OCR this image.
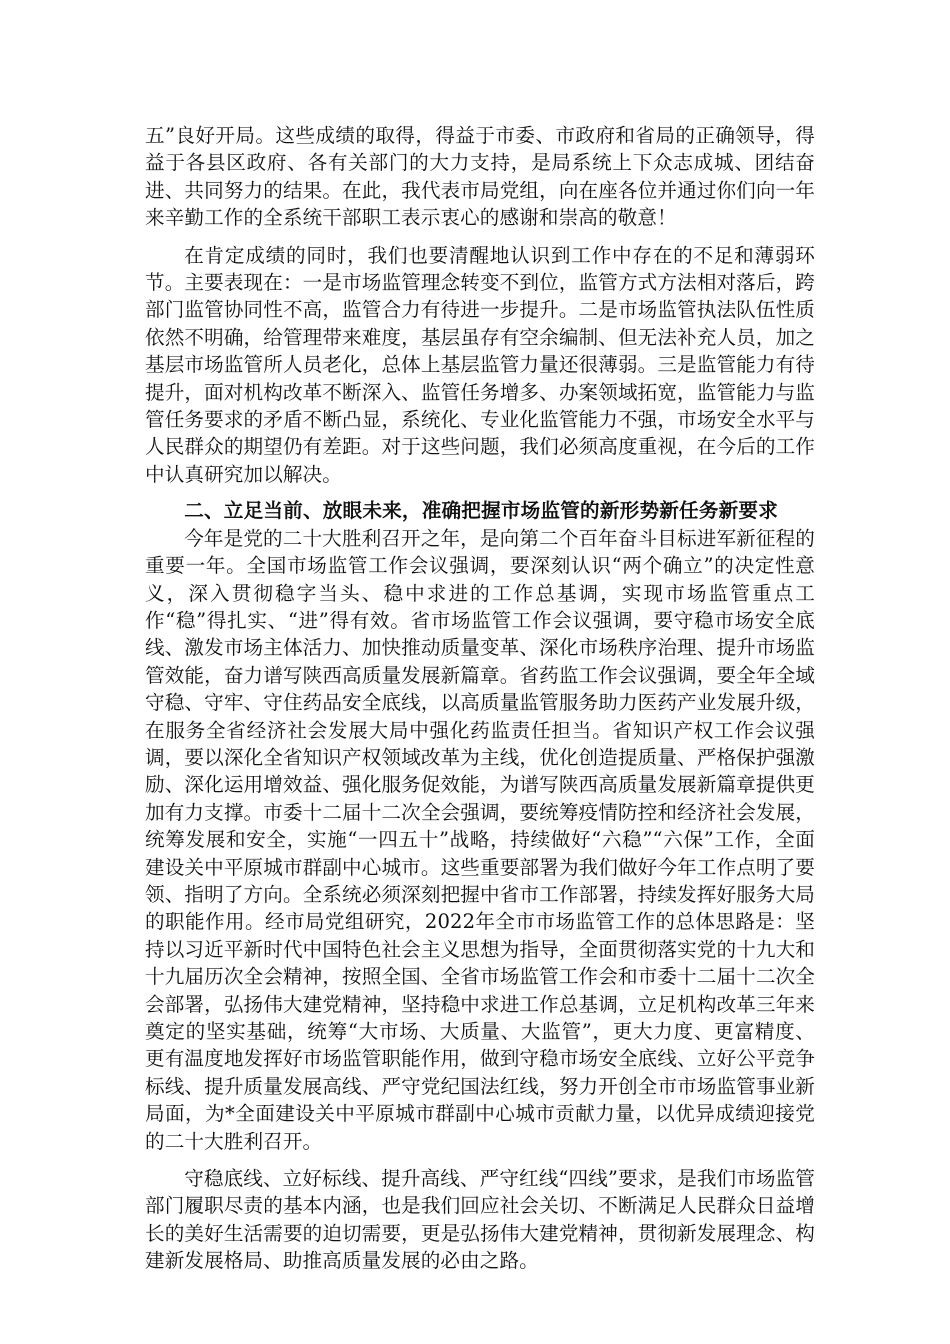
五”良好开局。这些成绩的取得，得益于市委、市政府和省局的正确领导，得益于各县区政府、各有关部门的大力支持，是局系统上下众志成城、团结奋进、共同努力的结果。在此，我代表市局党组，向在座各位并通过你们向一年来辛勤工作的全系统干部职工表示衷心的感谢和崇高的敬意！

在肯定成绩的同时，我们也要清醒地认识到工作中存在的不足和薄弱环节。主要表现在：一是市场监管理念转变不到位，监管方式方法相对落后，跨部门监管协同性不高，监管合力有待进一步提升。二是市场监管执法队伍性质依然不明确，给管理带来难度，基层虽存有空余编制、但无法补充人员，加之基层市场监管所人员老化，总体上基层监管力量还很薄弱。三是监管能力有待提升，面对机构改革不断深入、监管任务增多、办案领域拓宽，监管能力与监管任务要求的矛盾不断凸显，系统化、专业化监管能力不强，市场安全水平与人民群众的期望仍有差距。对于这些问题，我们必须高度重视，在今后的工作中认真研究加以解决。

二、立足当前、放眼未来，准确把握市场监管的新形势新任务新要求

今年是党的二十大胜利召开之年，是向第二个百年奋斗目标进军新征程的重要一年。全国市场监管工作会议强调，要深刻认识“两个确立”的决定性意义，深入贯彻稳字当头、稳中求进的工作总基调，实现市场监管重点工作“稳”得扎实、“进”得有效。省市场监管工作会议强调，要守稳市场安全底线、激发市场主体活力、加快推动质量变革、深化市场秩序治理、提升市场监管效能，奋力谱写陕西高质量发展新篇章。省药监工作会议强调，要全年全域守稳、守牢、守住药品安全底线，以高质量监管服务助力医药产业发展升级，在服务全省经济社会发展大局中强化药监责任担当。省知识产权工作会议强调，要以深化全省知识产权领域改革为主线，优化创造提质量、严格保护强激励、深化运用增效益、强化服务促效能，为谱写陕西高质量发展新篇章提供更加有力支撑。市委十二届十二次全会强调，要统筹疫情防控和经济社会发展，统筹发展和安全，实施“一四五十”战略，持续做好“六稳”“六保”工作，全面建设关中平原城市群副中心城市。这些重要部署为我们做好今年工作点明了要领、指明了方向。全系统必须深刻把握中省市工作部署，持续发挥好服务大局的职能作用。经市局党组研究，2022年全市市场监管工作的总体思路是：坚持以习近平新时代中国特色社会主义思想为指导，全面贯彻落实党的十九大和十九届历次全会精神，按照全国、全省市场监管工作会和市委十二届十二次全会部署，弘扬伟大建党精神，坚持稳中求进工作总基调，立足机构改革三年来奠定的坚实基础，统筹“大市场、大质量、大监管”，更大力度、更富精度、更有温度地发挥好市场监管职能作用，做到守稳市场安全底线、立好公平竞争标线、提升质量发展高线、严守党纪国法红线，努力开创全市市场监管事业新局面，为*全面建设关中平原城市群副中心城市贡献力量，以优异成绩迎接党的二十大胜利召开。

守稳底线、立好标线、提升高线、严守红线“四线”要求，是我们市场监管部门履职尽责的基本内涵，也是我们回应社会关切、不断满足人民群众日益增长的美好生活需要的迫切需要，更是弘扬伟大建党精神，贯彻新发展理念、构建新发展格局、助推高质量发展的必由之路。
